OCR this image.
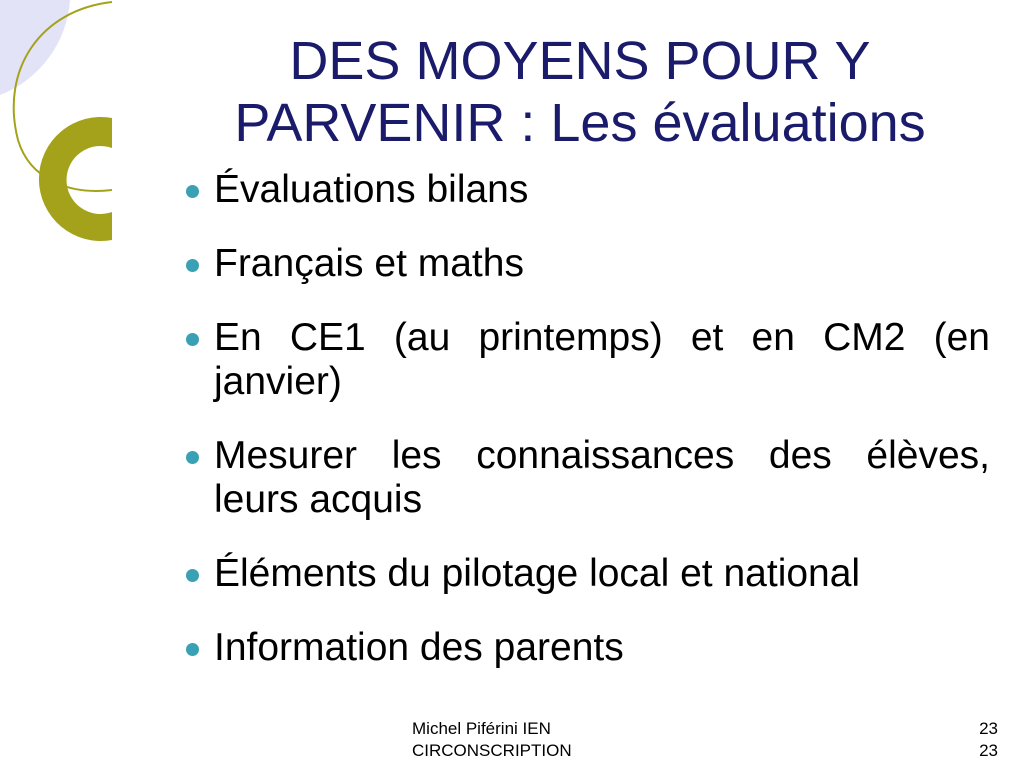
DES MOYENS POUR Y PARVENIR : Les évaluations
Évaluations bilans
Français et maths
En CE1 (au printemps) et en CM2 (en janvier)
Mesurer les connaissances des élèves, leurs acquis
Éléments du pilotage local et national
Information des parents
Michel Piférini IEN
CIRCONSCRIPTION
23
23
